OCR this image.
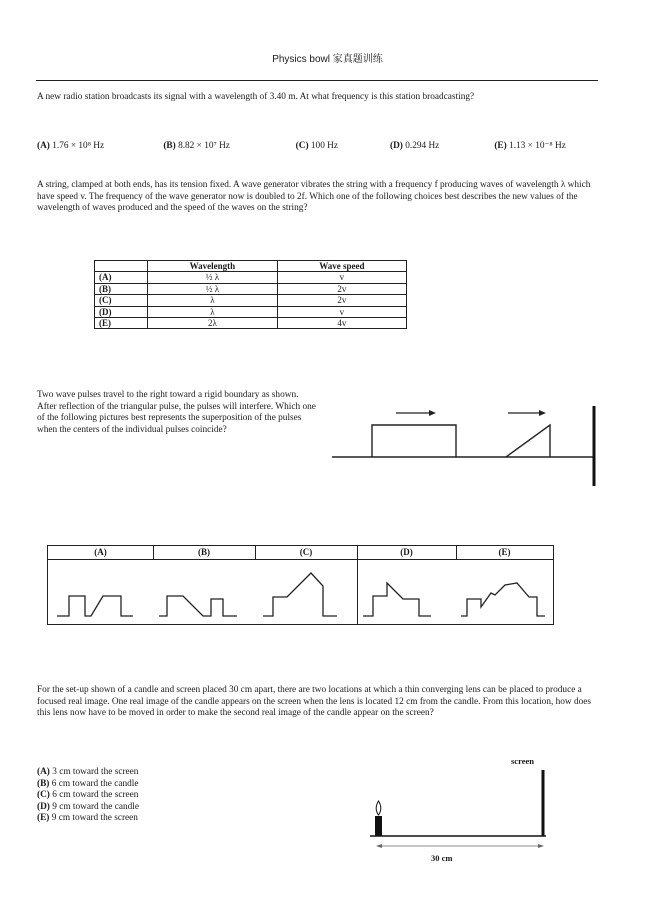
Physics bowl 家真题训练
A new radio station broadcasts its signal with a wavelength of 3.40 m. At what frequency is this station broadcasting?
(A) 1.76 × 10⁸ Hz	(B) 8.82 × 10⁷ Hz	(C) 100 Hz	(D) 0.294 Hz	(E) 1.13 × 10⁻⁸ Hz
A string, clamped at both ends, has its tension fixed. A wave generator vibrates the string with a frequency f producing waves of wavelength λ which have speed v. The frequency of the wave generator now is doubled to 2f. Which one of the following choices best describes the new values of the wavelength of waves produced and the speed of the waves on the string?
	Wavelength	Wave speed
(A)	½ λ	v
(B)	½ λ	2v
(C)	λ	2v
(D)	λ	v
(E)	2λ	4v
Two wave pulses travel to the right toward a rigid boundary as shown. After reflection of the triangular pulse, the pulses will interfere. Which one of the following pictures best represents the superposition of the pulses when the centers of the individual pulses coincide?
(A)	(B)	(C)	(D)	(E)
For the set-up shown of a candle and screen placed 30 cm apart, there are two locations at which a thin converging lens can be placed to produce a focused real image. One real image of the candle appears on the screen when the lens is located 12 cm from the candle. From this location, how does this lens now have to be moved in order to make the second real image of the candle appear on the screen?
(A) 3 cm toward the screen
(B) 6 cm toward the candle
(C) 6 cm toward the screen
(D) 9 cm toward the candle
(E) 9 cm toward the screen
screen
30 cm
